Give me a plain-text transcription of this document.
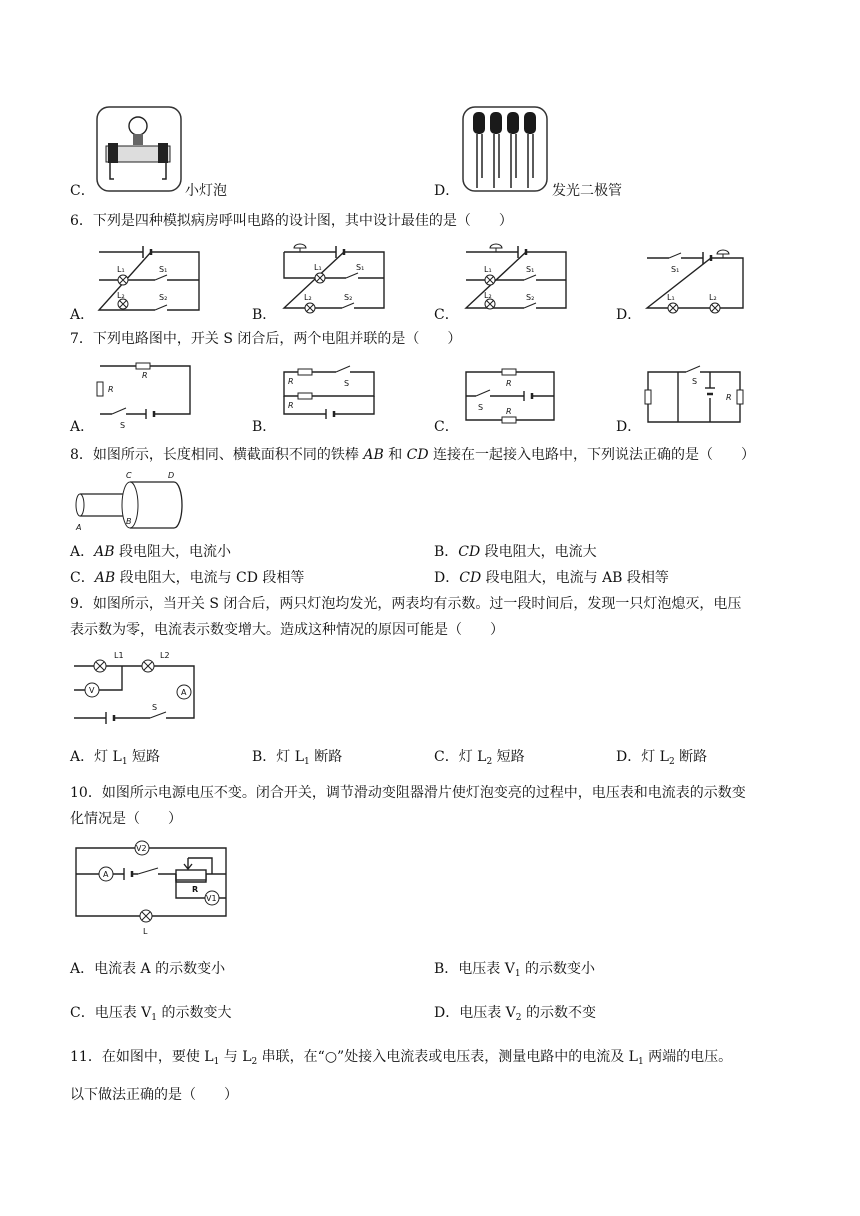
C．	小灯泡	D．	发光二极管
6．下列是四种模拟病房呼叫电路的设计图，其中设计最佳的是（　　）
A．
L₁
L₂
S₁
S₂
B．
L₁	S₁
L₂	S₂
C．
L₁	S₁
L₂	S₂
D．
S₁
L₁	L₂
7．下列电路图中，开关 S 闭合后，两个电阻并联的是（　　）
A．
R
R
S	B．
R
R
S
C．
R
R
S
D．
S
R
8．如图所示，长度相同、横截面积不同的铁棒 AB 和 CD 连接在一起接入电路中，下列说法正确的是（　　）
A
B
C	D
A．AB 段电阻大，电流小	B．CD 段电阻大，电流大
C．AB 段电阻大，电流与 CD 段相等	D．CD 段电阻大，电流与 AB 段相等
9．如图所示，当开关 S 闭合后，两只灯泡均发光，两表均有示数。过一段时间后，发现一只灯泡熄灭，电压
表示数为零，电流表示数变增大。造成这种情况的原因可能是（　　）
L1	L2
V	A
S
A．灯 $L_1$ 短路	B．灯 $L_1$ 断路	C．灯 $L_2$ 短路	D．灯 $L_2$ 断路
10．如图所示电源电压不变。闭合开关，调节滑动变阻器滑片使灯泡变亮的过程中，电压表和电流表的示数变
化情况是（　　）
V2
A
R
V1
L
A．电流表 A 的示数变小	B．电压表 $V_1$ 的示数变小
C．电压表 $V_1$ 的示数变大	D．电压表 $V_2$ 的示数不变
11．在如图中，要使 $L_1$ 与 $L_2$ 串联，在“○”处接入电流表或电压表，测量电路中的电流及 $L_1$ 两端的电压。
以下做法正确的是（　　）
